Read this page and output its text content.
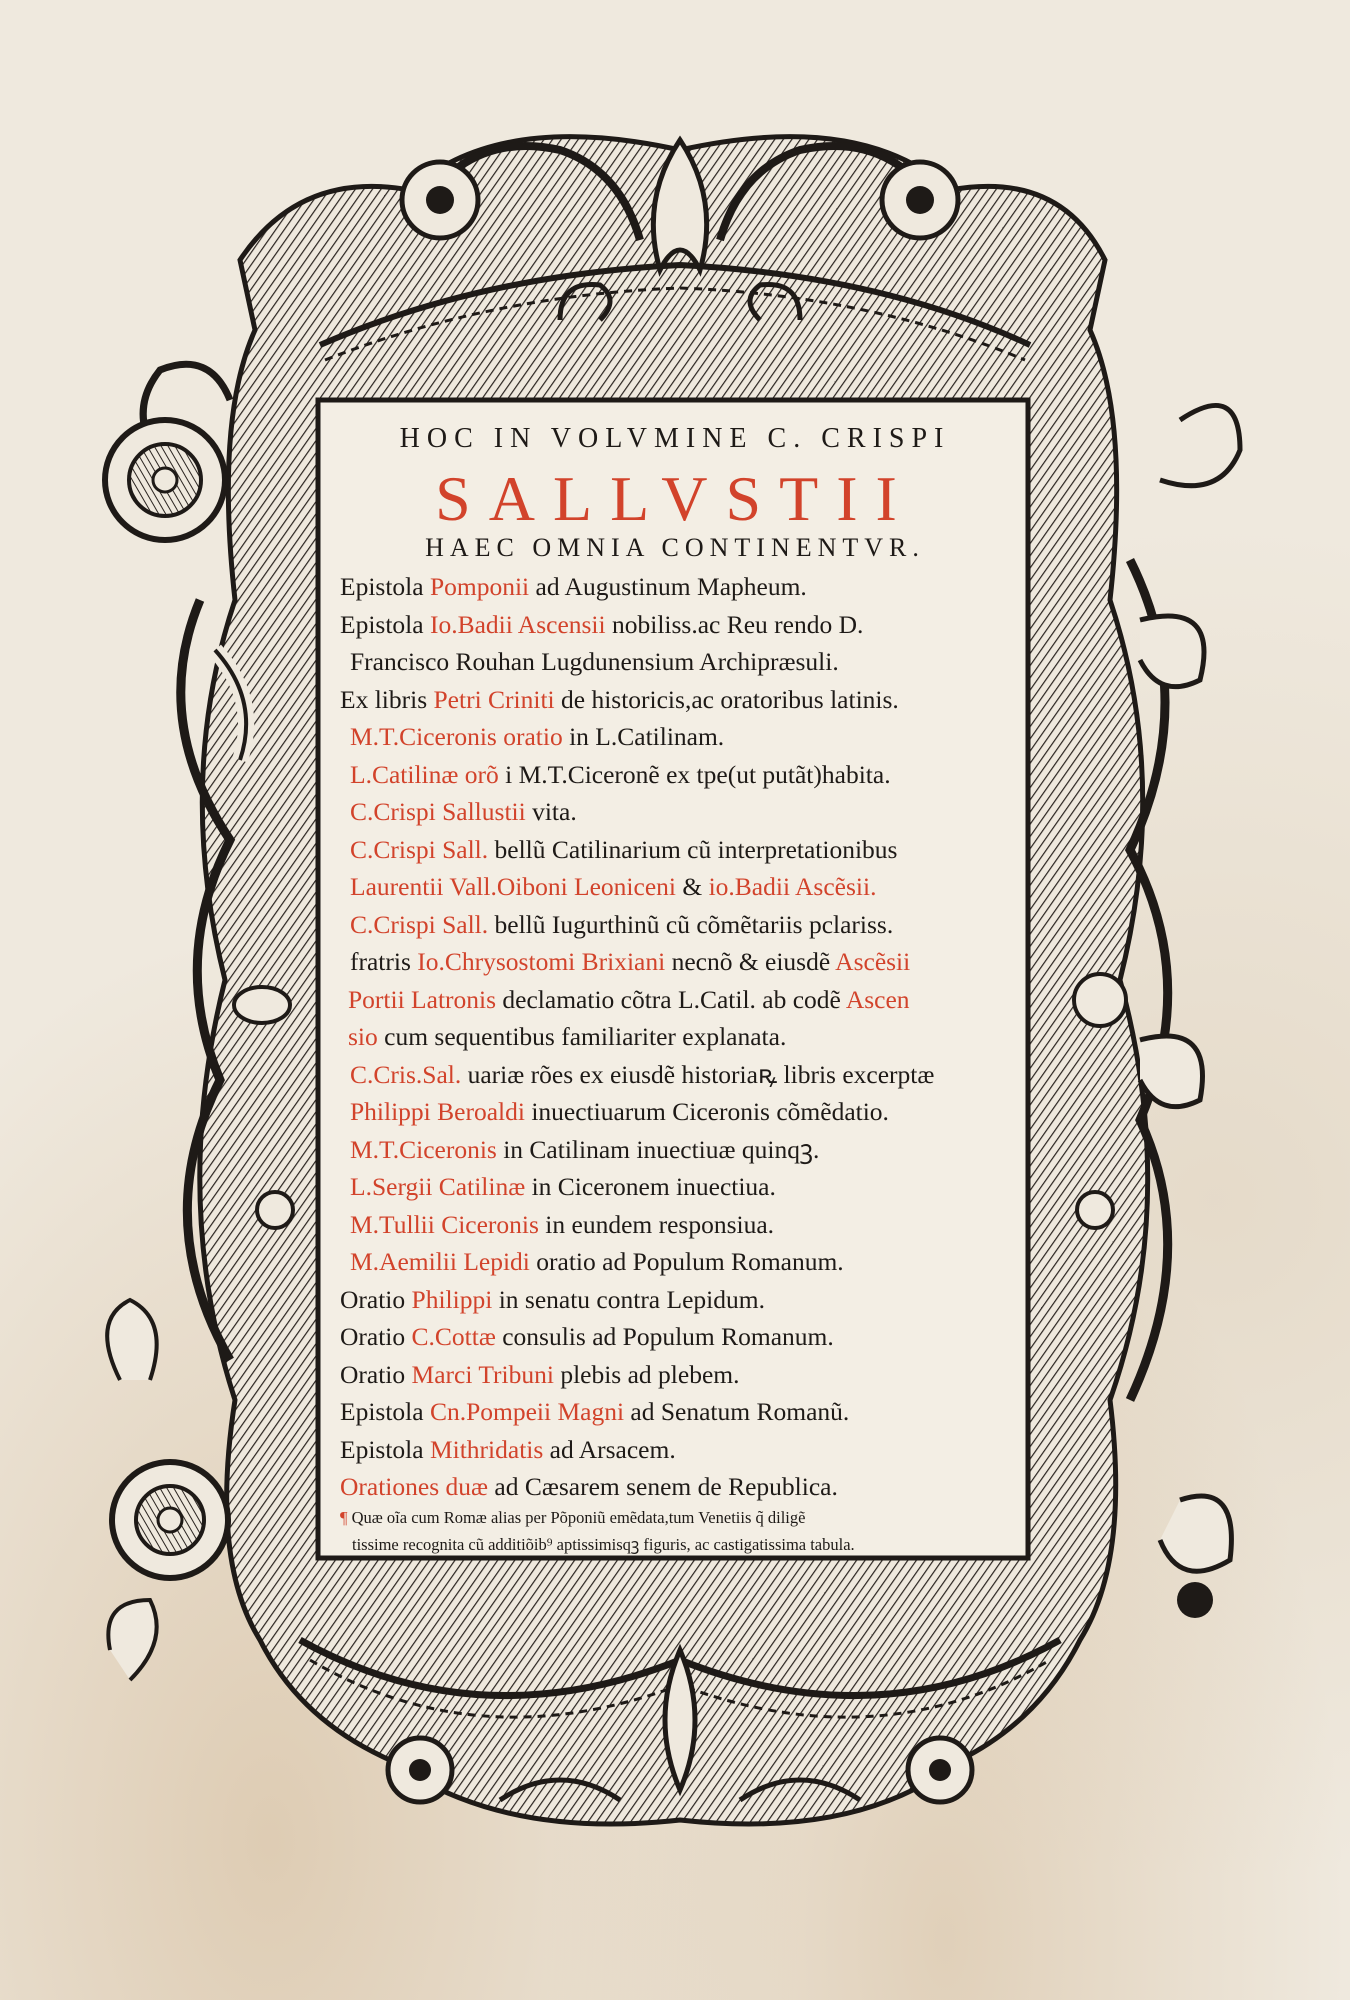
HOC IN VOLVMINE C. CRISPI
SALLVSTII
HAEC OMNIA CONTINENTVR.
Epistola Pomponii ad Augustinum Mapheum.
Epistola Io.Badii Ascensii nobiliss.ac Reu rendo D.
Francisco Rouhan Lugdunensium Archipræsuli.
Ex libris Petri Criniti de historicis,ac oratoribus latinis.
M.T.Ciceronis oratio in L.Catilinam.
L.Catilinæ orõ i M.T.Ciceronẽ ex tpe(ut putãt)habita.
C.Crispi Sallustii vita.
C.Crispi Sall. bellũ Catilinarium cũ interpretationibus
Laurentii Vall.Oiboni Leoniceni & io.Badii Ascẽsii.
C.Crispi Sall. bellũ Iugurthinũ cũ cõmẽtariis pclariss.
fratris Io.Chrysostomi Brixiani necnõ & eiusdẽ Ascẽsii
Portii Latronis declamatio cõtra L.Catil. ab codẽ Ascen
sio cum sequentibus familiariter explanata.
C.Cris.Sal. uariæ rões ex eiusdẽ historiaꝶ libris excerptæ
Philippi Beroaldi inuectiuarum Ciceronis cõmẽdatio.
M.T.Ciceronis in Catilinam inuectiuæ quinqꝫ.
L.Sergii Catilinæ in Ciceronem inuectiua.
M.Tullii Ciceronis in eundem responsiua.
M.Aemilii Lepidi oratio ad Populum Romanum.
Oratio Philippi in senatu contra Lepidum.
Oratio C.Cottæ consulis ad Populum Romanum.
Oratio Marci Tribuni plebis ad plebem.
Epistola Cn.Pompeii Magni ad Senatum Romanũ.
Epistola Mithridatis ad Arsacem.
Orationes duæ ad Cæsarem senem de Republica.
¶ Quæ oĩa cum Romæ alias per Põponiũ emẽdata,tum Venetiis q̃ diligẽ
tissime recognita cũ additiõib⁹ aptissimisqꝫ figuris, ac castigatissima tabula.
